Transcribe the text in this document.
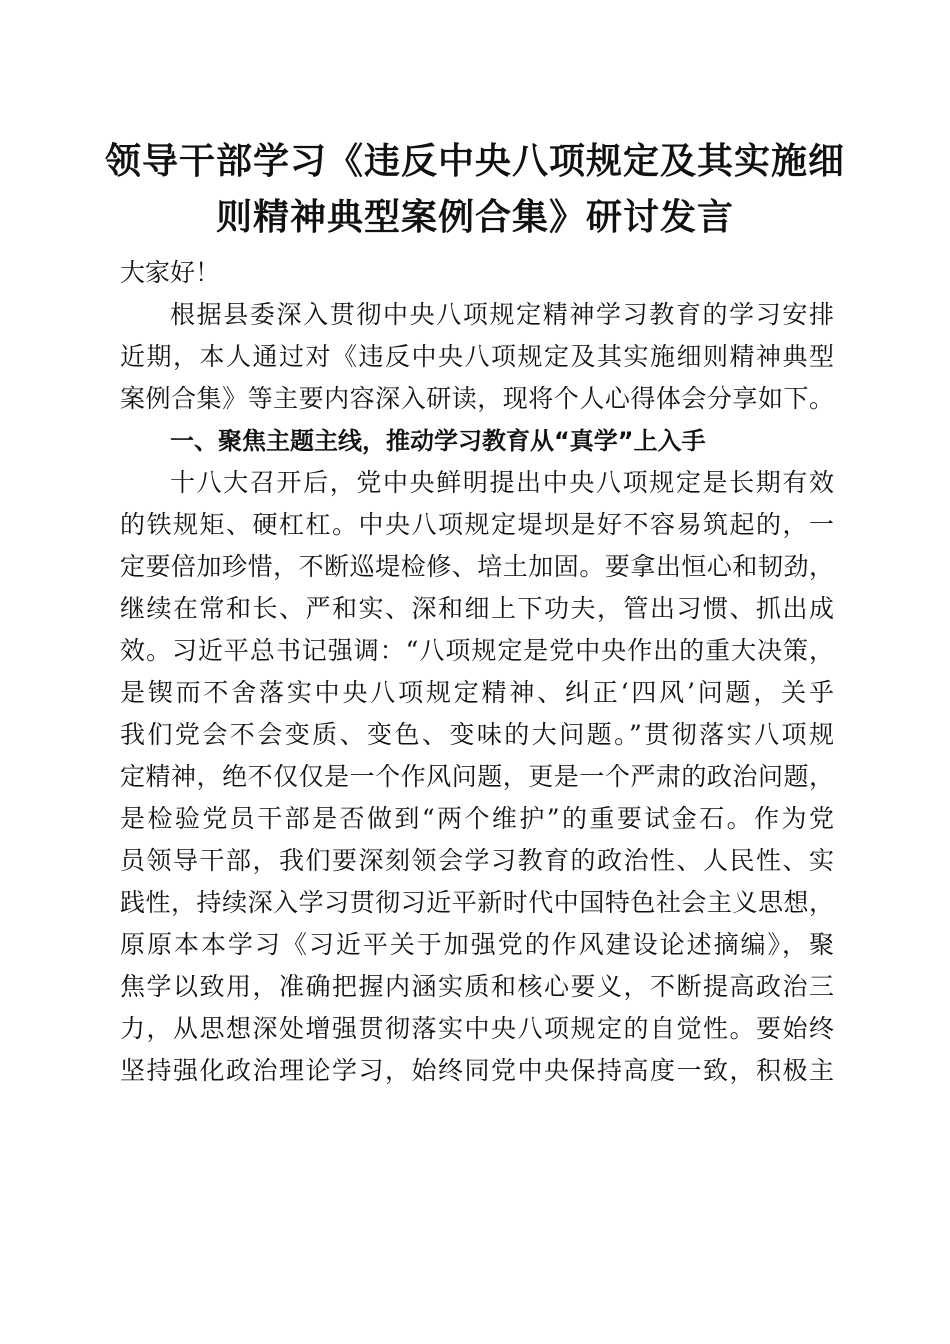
领导干部学习《违反中央八项规定及其实施细
则精神典型案例合集》研讨发言
大家好！
根据县委深入贯彻中央八项规定精神学习教育的学习安排
近期，本人通过对《违反中央八项规定及其实施细则精神典型
案例合集》等主要内容深入研读，现将个人心得体会分享如下。
一、聚焦主题主线，推动学习教育从“真学”上入手
十八大召开后，党中央鲜明提出中央八项规定是长期有效
的铁规矩、硬杠杠。中央八项规定堤坝是好不容易筑起的，一
定要倍加珍惜，不断巡堤检修、培土加固。要拿出恒心和韧劲，
继续在常和长、严和实、深和细上下功夫，管出习惯、抓出成
效。习近平总书记强调：“八项规定是党中央作出的重大决策，
是锲而不舍落实中央八项规定精神、纠正‘四风’问题，关乎
我们党会不会变质、变色、变味的大问题。”贯彻落实八项规
定精神，绝不仅仅是一个作风问题，更是一个严肃的政治问题，
是检验党员干部是否做到“两个维护”的重要试金石。作为党
员领导干部，我们要深刻领会学习教育的政治性、人民性、实
践性，持续深入学习贯彻习近平新时代中国特色社会主义思想，
原原本本学习《习近平关于加强党的作风建设论述摘编》，聚
焦学以致用，准确把握内涵实质和核心要义，不断提高政治三
力，从思想深处增强贯彻落实中央八项规定的自觉性。要始终
坚持强化政治理论学习，始终同党中央保持高度一致，积极主
